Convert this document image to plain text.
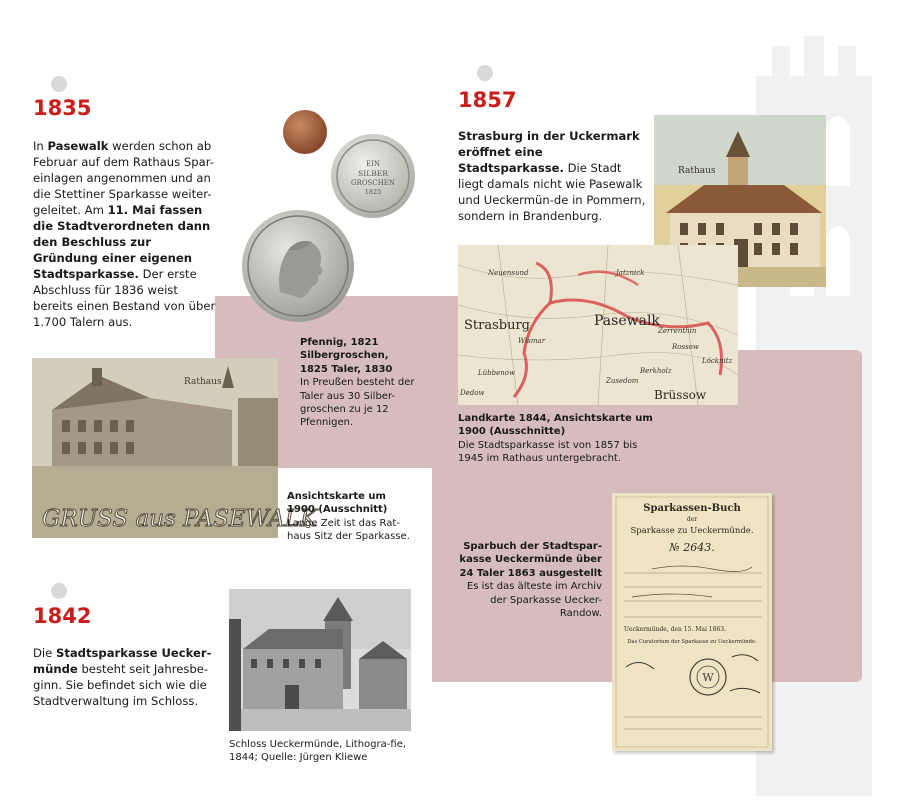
1835
In Pasewalk werden schon ab Februar auf dem Rathaus Spar-einlagen angenommen und an die Stettiner Sparkasse weiter-geleitet. Am 11. Mai fassen die Stadtverordneten dann den Beschluss zur Gründung einer eigenen Stadtsparkasse. Der erste Abschluss für 1836 weist bereits einen Bestand von über 1.700 Talern aus.
EIN
SILBER
GROSCHEN
1825
Pfennig, 1821 Silbergroschen, 1825 Taler, 1830
In Preußen besteht der Taler aus 30 Silber-groschen zu je 12 Pfennigen.
Rathaus
GRUSS aus PASEWALK
Ansichtskarte um 1900 (Ausschnitt)
Lange Zeit ist das Rat-haus Sitz der Sparkasse.
1842
Die Stadtsparkasse Uecker-münde besteht seit Jahresbe-ginn. Sie befindet sich wie die Stadtverwaltung im Schloss.
Schloss Ueckermünde, Lithogra-fie, 1844; Quelle: Jürgen Kliewe
1857
Strasburg in der Uckermark eröffnet eine Stadtsparkasse. Die Stadt liegt damals nicht wie Pasewalk und Ueckermün-de in Pommern, sondern in Brandenburg.
Rathaus
Strasburg	Pasewalk
Brüssow
Neuensund	Jatznick
Wismar
Lübbenow
Zerrenthin
Rossow
Löcknitz
Berkholz
Dedow
Zusedom
Landkarte 1844, Ansichtskarte um 1900 (Ausschnitte)
Die Stadtsparkasse ist von 1857 bis 1945 im Rathaus untergebracht.
Sparbuch der Stadtspar-kasse Ueckermünde über 24 Taler 1863 ausgestellt
Es ist das älteste im Archiv der Sparkasse Uecker-Randow.
Sparkassen-Buch
der
Sparkasse zu Ueckermünde.
№ 2643.
Ueckermünde, den 15. Mai 1863.
Das Curatorium der Sparkasse zu Ueckermünde.
W
